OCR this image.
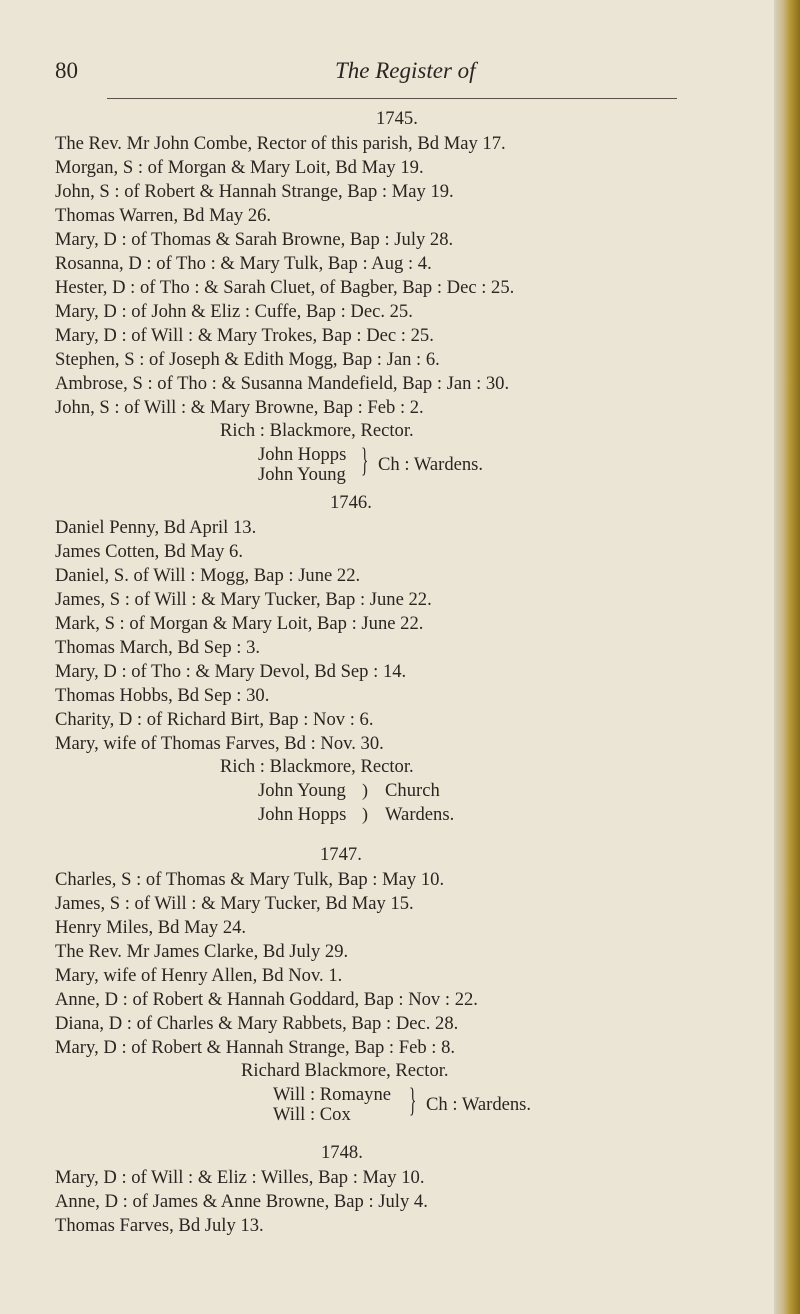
80	The Register of
1745.
The Rev. Mr John Combe, Rector of this parish, Bd May 17.
Morgan, S : of Morgan & Mary Loit, Bd May 19.
John, S : of Robert & Hannah Strange, Bap : May 19.
Thomas Warren, Bd May 26.
Mary, D : of Thomas & Sarah Browne, Bap : July 28.
Rosanna, D : of Tho : & Mary Tulk, Bap : Aug : 4.
Hester, D : of Tho : & Sarah Cluet, of Bagber, Bap : Dec : 25.
Mary, D : of John & Eliz : Cuffe, Bap : Dec. 25.
Mary, D : of Will : & Mary Trokes, Bap : Dec : 25.
Stephen, S : of Joseph & Edith Mogg, Bap : Jan : 6.
Ambrose, S : of Tho : & Susanna Mandefield, Bap : Jan : 30.
John, S : of Will : & Mary Browne, Bap : Feb : 2.
Rich : Blackmore, Rector.
John Hopps
John Young } Ch : Wardens.
1746.
Daniel Penny, Bd April 13.
James Cotten, Bd May 6.
Daniel, S. of Will : Mogg, Bap : June 22.
James, S : of Will : & Mary Tucker, Bap : June 22.
Mark, S : of Morgan & Mary Loit, Bap : June 22.
Thomas March, Bd Sep : 3.
Mary, D : of Tho : & Mary Devol, Bd Sep : 14.
Thomas Hobbs, Bd Sep : 30.
Charity, D : of Richard Birt, Bap : Nov : 6.
Mary, wife of Thomas Farves, Bd : Nov. 30.
Rich : Blackmore, Rector.
John Young
John Hopps
)
)
Church
Wardens.
1747.
Charles, S : of Thomas & Mary Tulk, Bap : May 10.
James, S : of Will : & Mary Tucker, Bd May 15.
Henry Miles, Bd May 24.
The Rev. Mr James Clarke, Bd July 29.
Mary, wife of Henry Allen, Bd Nov. 1.
Anne, D : of Robert & Hannah Goddard, Bap : Nov : 22.
Diana, D : of Charles & Mary Rabbets, Bap : Dec. 28.
Mary, D : of Robert & Hannah Strange, Bap : Feb : 8.
Richard Blackmore, Rector.
Will : Romayne
Will : Cox } Ch : Wardens.
1748.
Mary, D : of Will : & Eliz : Willes, Bap : May 10.
Anne, D : of James & Anne Browne, Bap : July 4.
Thomas Farves, Bd July 13.
